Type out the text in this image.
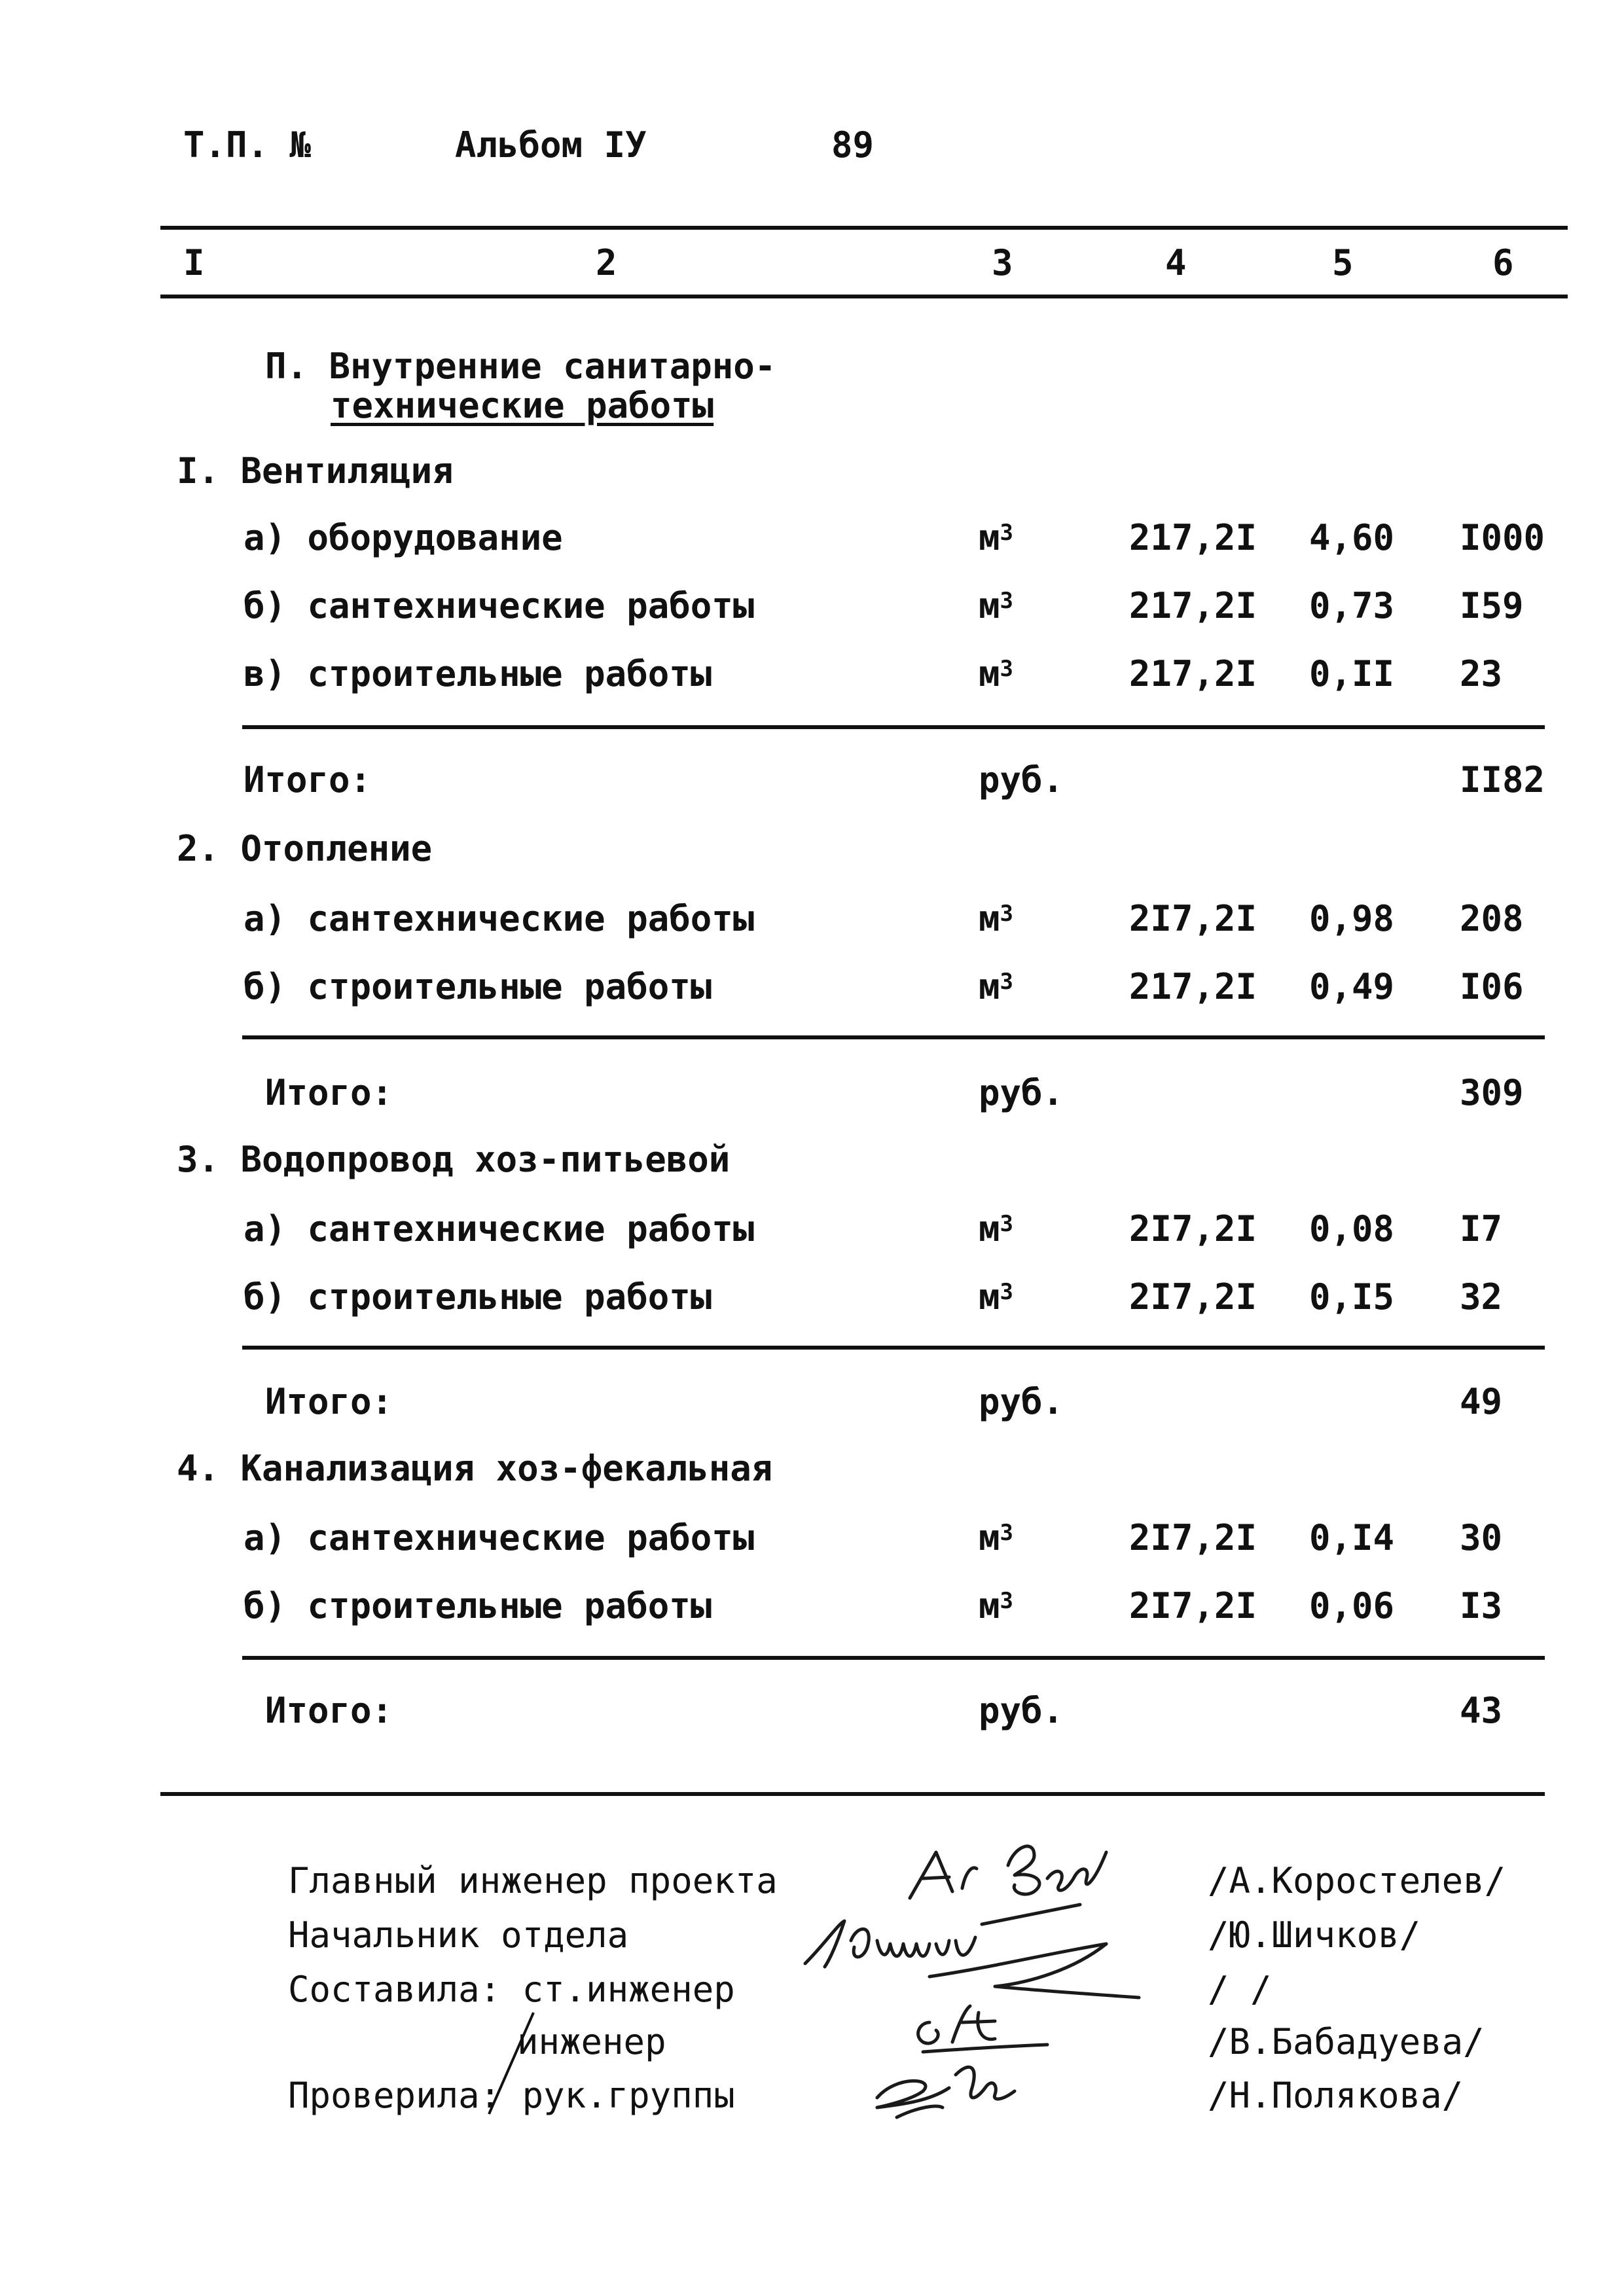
Т.П. №	Альбом IУ	89
I	2	3	4	5	6
П. Внутренние санитарно-
технические работы
I. Вентиляция
а) оборудование	$м^3$	217,2I	4,60 I000
б) сантехнические работы	$м^3$	217,2I	0,73 I59
в) строительные работы	$м^3$	217,2I	0,II 23
Итого:	руб.	II82
2. Отопление
а) сантехнические работы	$м^3$	2I7,2I	0,98 208
б) строительные работы	$м^3$	217,2I	0,49 I06
Итого:	руб.	309
3. Водопровод хоз-питьевой
а) сантехнические работы	$м^3$	2I7,2I	0,08 I7
б) строительные работы	$м^3$	2I7,2I	0,I5 32
Итого:	руб.	49
4. Канализация хоз-фекальная
а) сантехнические работы	$м^3$	2I7,2I	0,I4 30
б) строительные работы	$м^3$	2I7,2I	0,06 I3
Итого:	руб.	43
Главный инженер проекта	/А.Коростелев/
Начальник отдела	/Ю.Шичков/
Составила: ст.инженер	/ /
инженер	/В.Бабадуева/
Проверила: рук.группы	/Н.Полякова/
